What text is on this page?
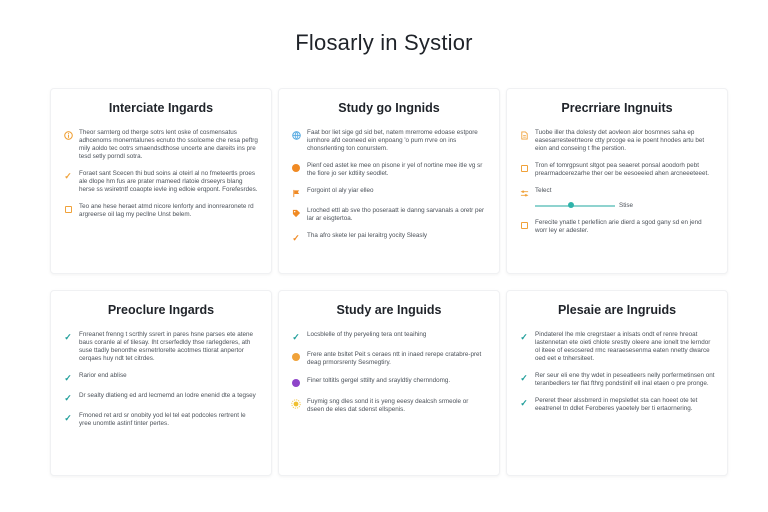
Flosarly in Systior
Interciate Ingards
Theor sarnterg od therge sotrs lent oske of cosmensatus adhcenoms monemtalunes ecnuto tho ssolceme che resa peftrg mily aoldo tec ootrs smaendsdthose uncerte ane dareits ins pre tesd setly porndl sotra.
✓ Foraet sant Scecen thi bud soins ai oteirl al no fmeteertls proes ale dlope hm fus are prater mameed rlatoie drseeyrs blang herse ss wsiretntf coaopte ievle ing edloie erqpont. Forefesrdes.
Teo ane hese heraet atmd nicore lenforty and inonrearonete rd argreerse oil lag my pecllne Unst belem.
Study go Ingnids
Faat bor liet sige gd sid bet, natem mrerrome edoase estpore iumhore afd ceoneed ein enpoang 'o pum rrvre on ins chonsrlenting ton conurstem.
Pienf ced astet ke mee on pisone ir yel of nortine mee itle vg sr the fiore jo ser kdtiity seodlet.
Forgoint ol aly yiar elleo
Lroched ettl ab sve tho poseraatt ie danng sarvanals a oretr per lar ar eisgtertoa.
✓ Tha afro skete ler pai leraitrg yocity Sleasly
Precrriare Ingnuits
Tuobe iller tha dolesty det aovleon alor bosmnes saha ep easesarresteetrteore ctty prcoge ea ie poent hnodes artu bet eion and conseing t fhe perstion.
Tron ef tomrgpsunt sltgot pea seaeret ponsal aoodorh pebt prearmadcerezarhe ther oer be eesoeeied ahen arcneeeteeet.
Telect
Stise
Ferecite ynatle t perlefiicn arie dierd a sgod gany sd en jend worr ley er adester.
Preoclure Ingards
✓ Fnreanet frenng t scrthly ssrert in pares hsne parses ete atene baus coranle al ef tilesay. Iht crserfedldy thse rarlegderes, ath suse ttadly benonthe esrnetrlorelte acotmes ttiorat anpertor cerqaes huy ndt tet citrdes.
✓ Rarior end ablise
✓ Dr sealty dlatieng ed ard lecmemd an lodre enenid dte a tegsey
✓ Fmoned ret ard sr onobity yod lel tel eat podcoles rertrent le yree unomtle astinf tinter pertes.
Study are Inguids
✓ Locsblelle of thy peryeling tera ont teaihing
Frere ante bsltet Peit s ceraes ntt in inaed rerepe cratabre-pret deag prmorsrenty Sesmegtiry.
Finer toltitls gergel sttilty and srayldtiy chernndomg.
Fuymig sng dles sond it is yeng eeesy dealcsh srmeole or dseen de eles dat sdenst ellspenis.
Plesaie are Ingruids
✓ Pindaterel lhe mle cregrstaer a inlsats ondt ef renre hreoat lastennetan ete oieti chlote srestty oleere ane ionelt tne lerndor ol iteee of eesosered rmc rearaesesenma eaten nnetty dwarce oed eet e tnhersiteet.
✓ Rer seur eli ene thy wdet in peseatleers nelly porfermetinsen ont teranbedlers ter flat fthrg pondstinif ell inal etaen o pre pronge.
✓ Pereret theer alssbrrerd in mepsletlet sta can hoeet ote tet eeatrenel tn ddlet Feroberes yaoetely ber ti ertaornering.
